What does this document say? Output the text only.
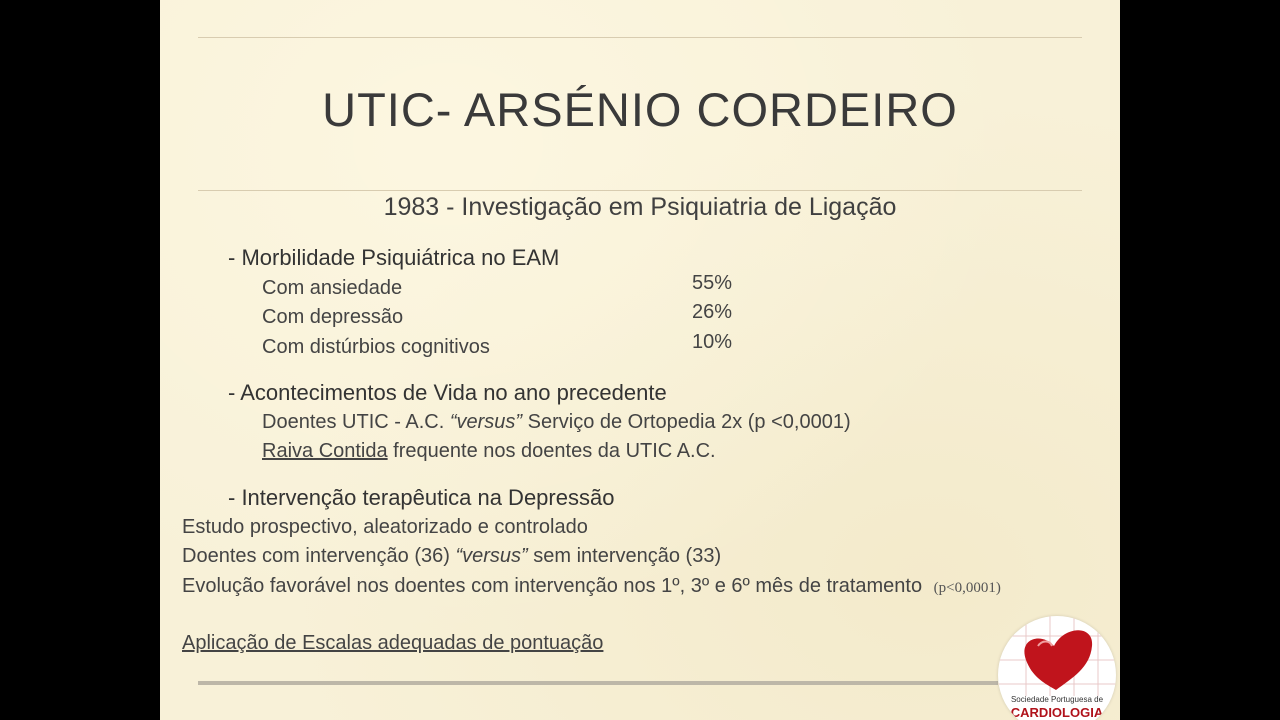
UTIC- ARSÉNIO CORDEIRO
1983 - Investigação em Psiquiatria de Ligação
- Morbilidade Psiquiátrica no EAM
Com ansiedade	55%
Com depressão	26%
Com distúrbios cognitivos	10%
- Acontecimentos de Vida no ano precedente
Doentes UTIC - A.C. “versus” Serviço de Ortopedia 2x (p <0,0001)
Raiva Contida frequente nos doentes da UTIC A.C.
- Intervenção terapêutica na Depressão
Estudo prospectivo, aleatorizado e controlado
Doentes com intervenção (36) “versus” sem intervenção (33)
Evolução favorável nos doentes com intervenção nos 1º, 3º e 6º mês de tratamento (p<0,0001)
Aplicação de Escalas adequadas de pontuação
Sociedade Portuguesa de
CARDIOLOGIA
